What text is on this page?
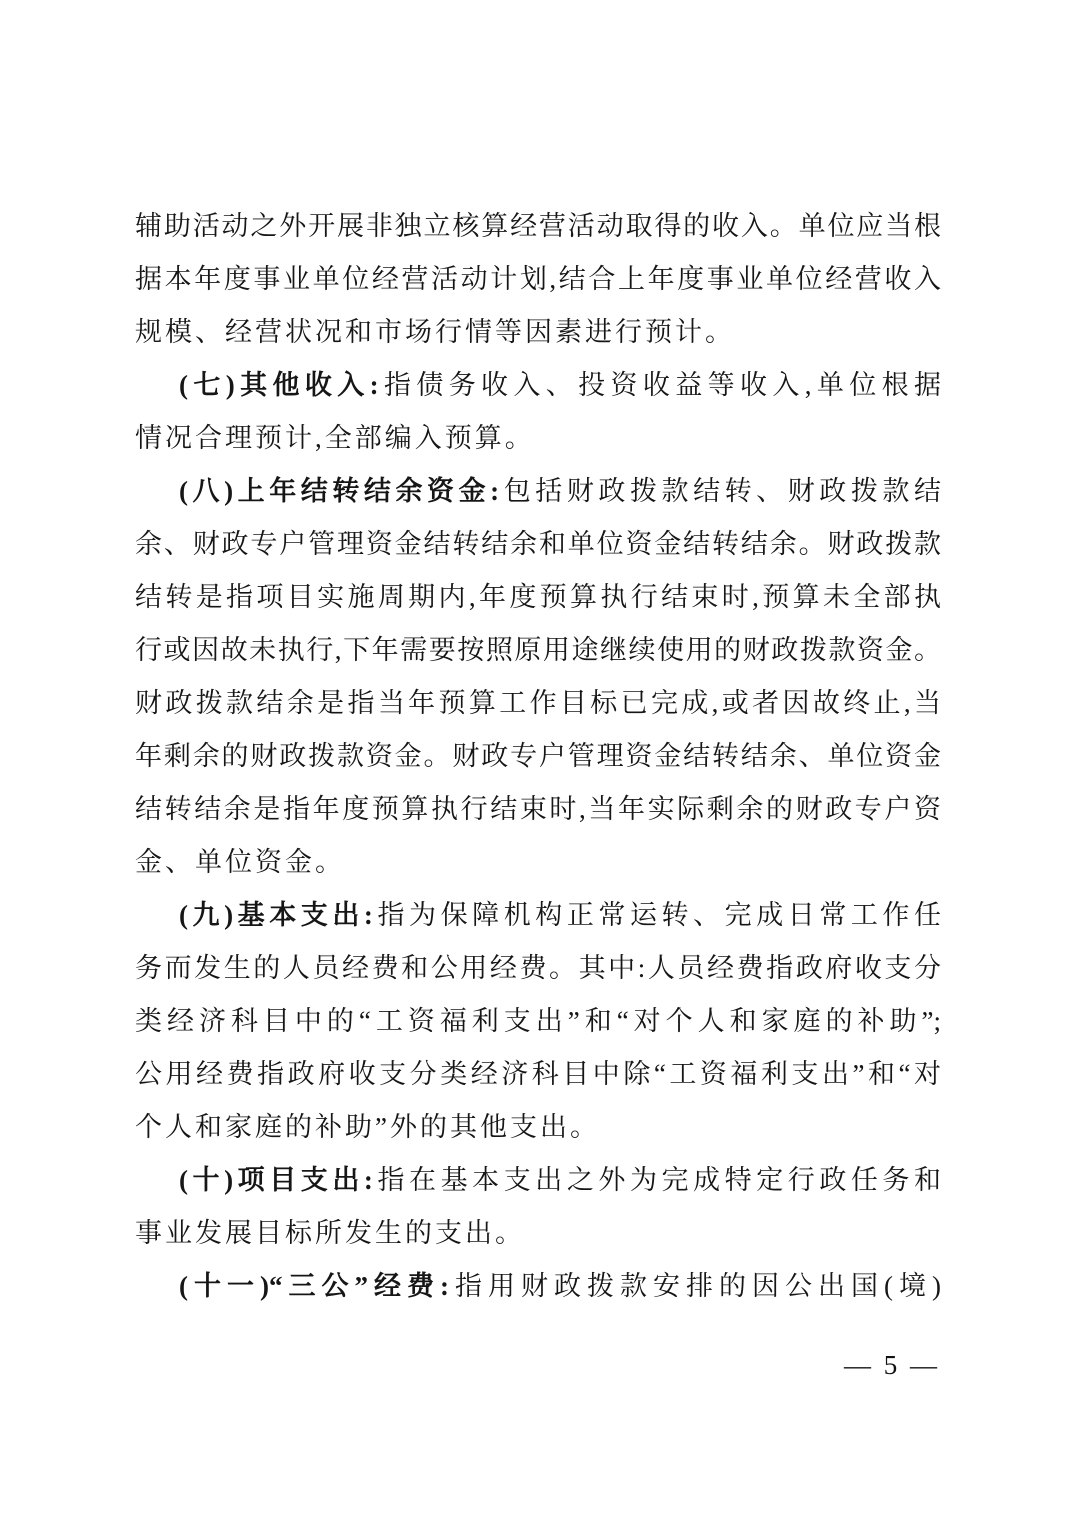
辅助活动之外开展非独立核算经营活动取得的收入。单位应当根
据本年度事业单位经营活动计划,结合上年度事业单位经营收入
规模、经营状况和市场行情等因素进行预计。
(七)其他收入:指债务收入、投资收益等收入,单位根据
情况合理预计,全部编入预算。
(八)上年结转结余资金:包括财政拨款结转、财政拨款结
余、财政专户管理资金结转结余和单位资金结转结余。财政拨款
结转是指项目实施周期内,年度预算执行结束时,预算未全部执
行或因故未执行,下年需要按照原用途继续使用的财政拨款资金。
财政拨款结余是指当年预算工作目标已完成,或者因故终止,当
年剩余的财政拨款资金。财政专户管理资金结转结余、单位资金
结转结余是指年度预算执行结束时,当年实际剩余的财政专户资
金、单位资金。
(九)基本支出:指为保障机构正常运转、完成日常工作任
务而发生的人员经费和公用经费。其中:人员经费指政府收支分
类经济科目中的“工资福利支出”和“对个人和家庭的补助”;
公用经费指政府收支分类经济科目中除“工资福利支出”和“对
个人和家庭的补助”外的其他支出。
(十)项目支出:指在基本支出之外为完成特定行政任务和
事业发展目标所发生的支出。
(十一)“三公”经费:指用财政拨款安排的因公出国(境)
— 5 —
